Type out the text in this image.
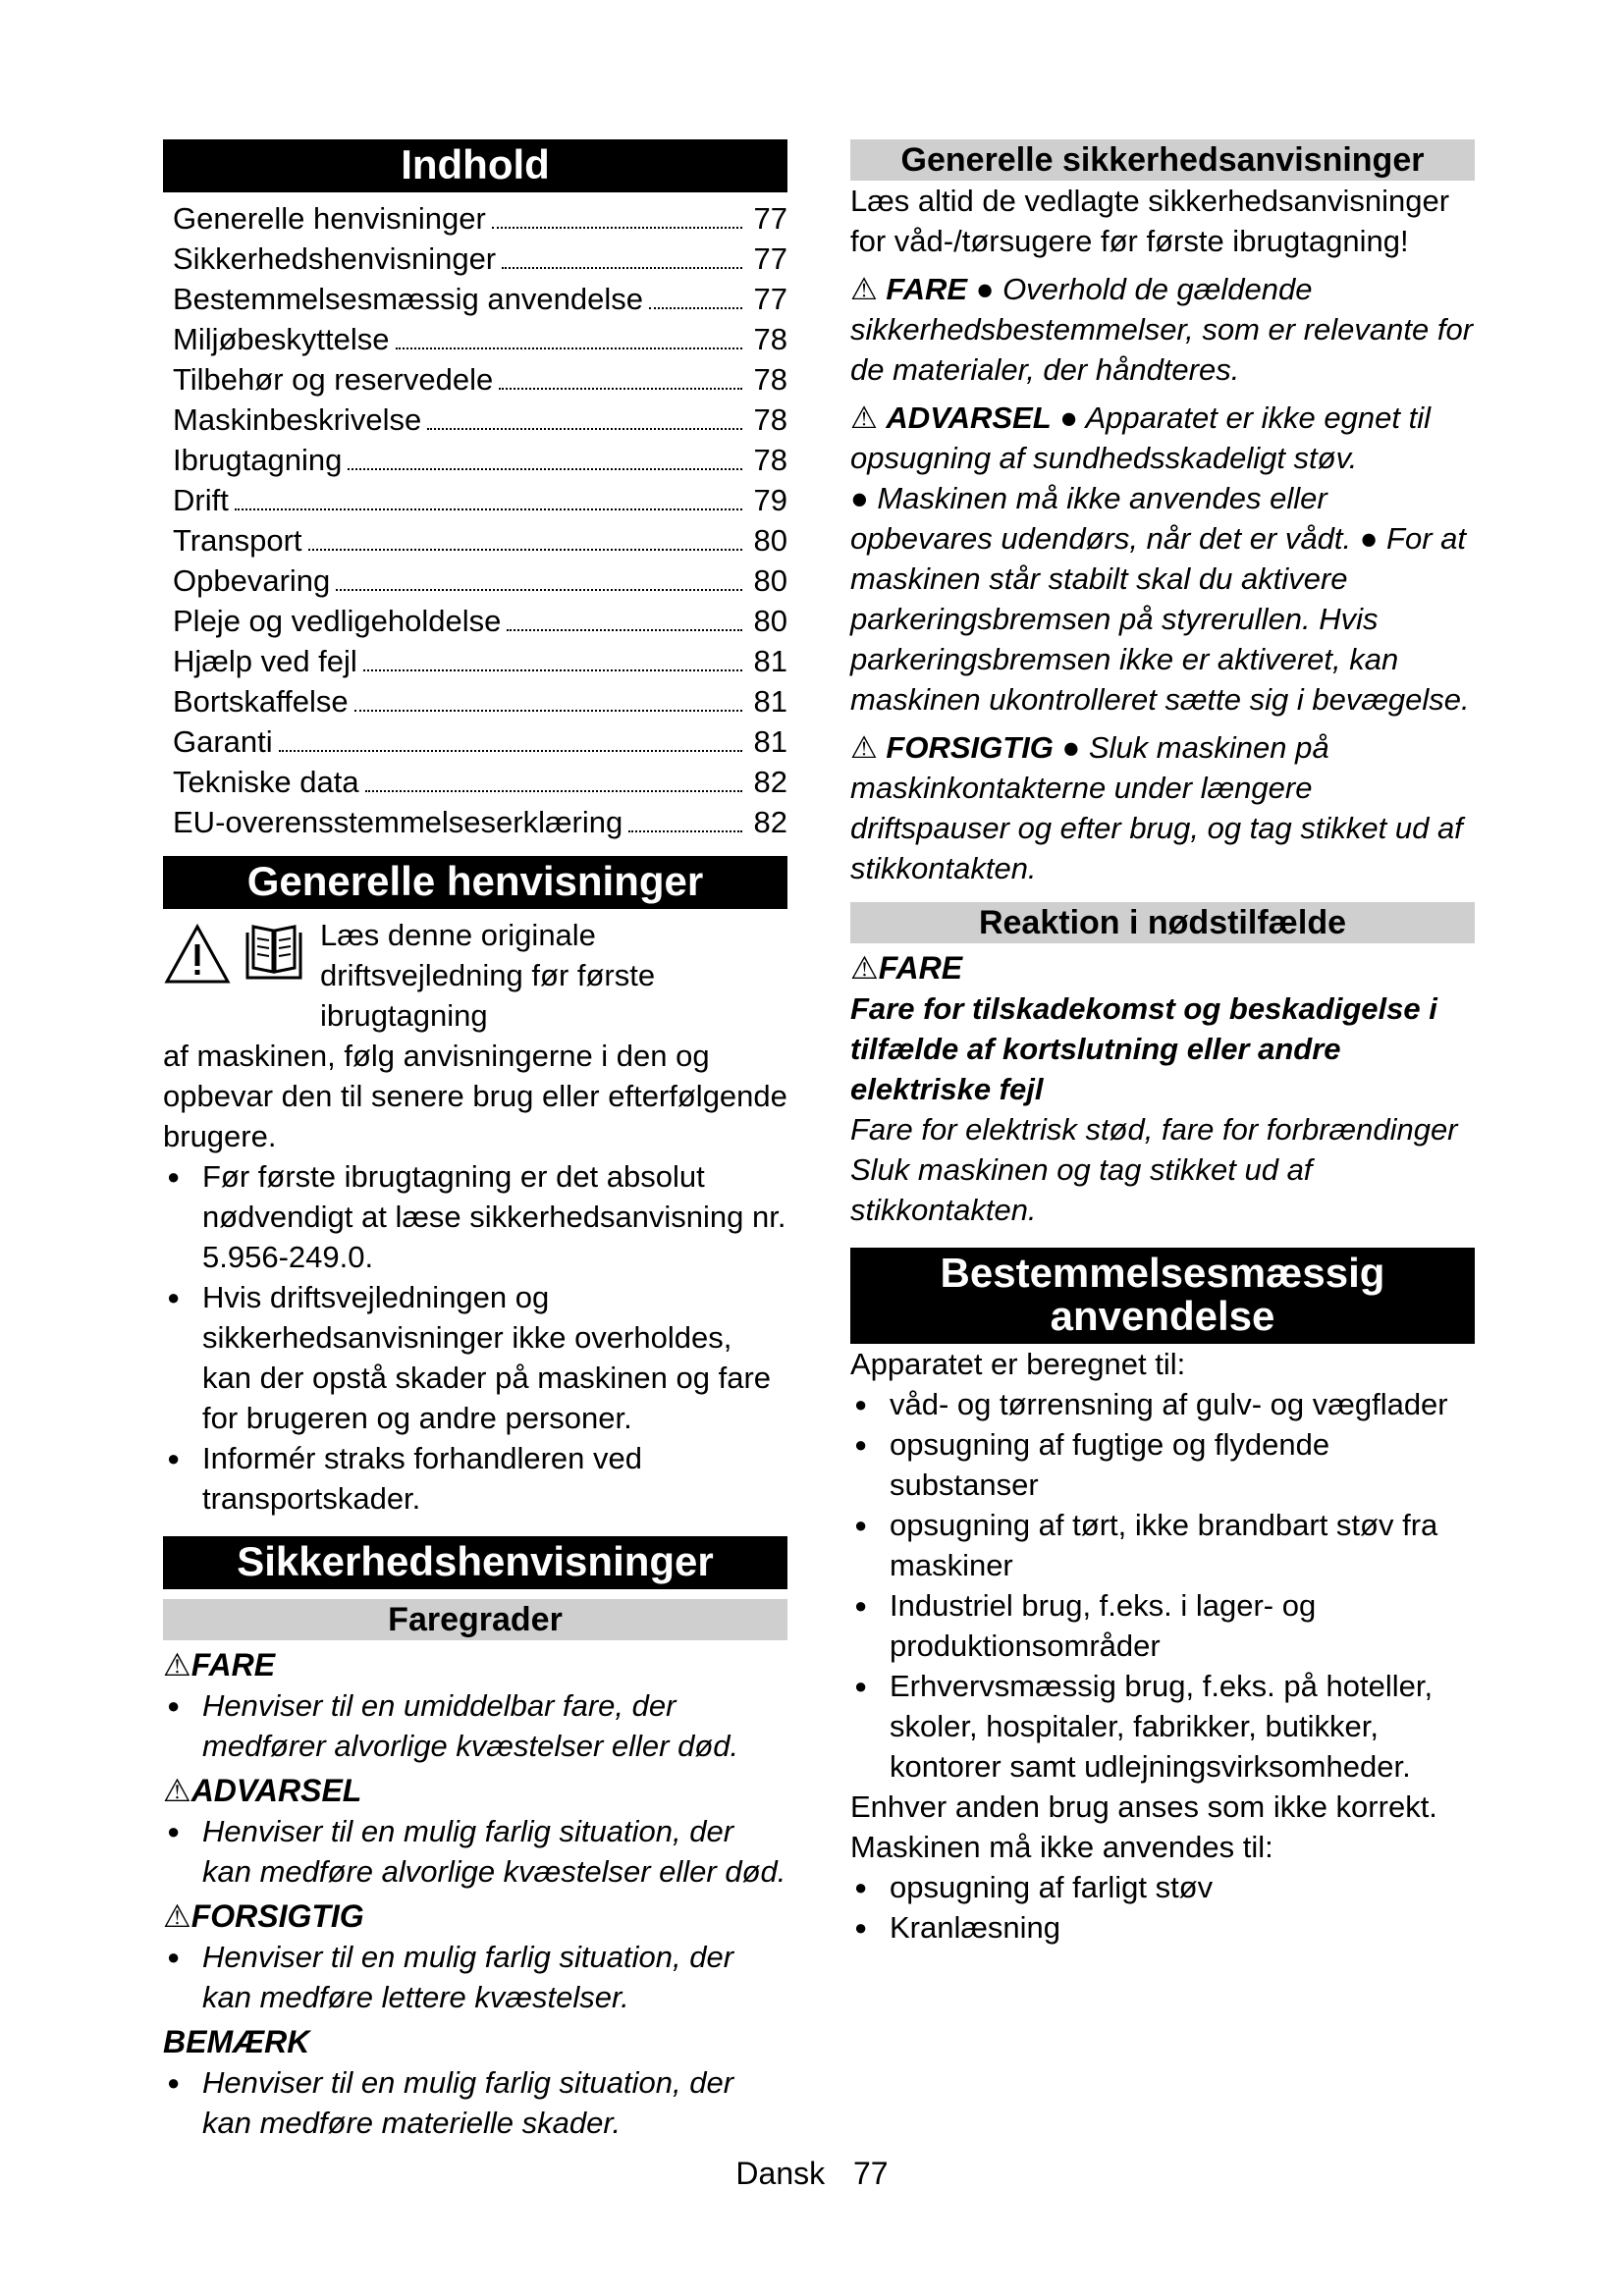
Indhold
Generelle henvisninger	77
Sikkerhedshenvisninger	77
Bestemmelsesmæssig anvendelse	77
Miljøbeskyttelse	78
Tilbehør og reservedele	78
Maskinbeskrivelse	78
Ibrugtagning	78
Drift	79
Transport	80
Opbevaring	80
Pleje og vedligeholdelse	80
Hjælp ved fejl	81
Bortskaffelse	81
Garanti	81
Tekniske data	82
EU-overensstemmelseserklæring	82
Generelle henvisninger

Læs denne originale driftsvejledning før første ibrugtagning

af maskinen, følg anvisningerne i den og opbevar den til senere brug eller efterfølgende brugere.

● Før første ibrugtagning er det absolut nødvendigt at læse sikkerhedsanvisning nr. 5.956-249.0.
● Hvis driftsvejledningen og sikkerhedsanvisninger ikke overholdes, kan der opstå skader på maskinen og fare for brugeren og andre personer.
● Informér straks forhandleren ved transportskader.
Sikkerhedshenvisninger
Faregrader
⚠FARE
● Henviser til en umiddelbar fare, der medfører alvorlige kvæstelser eller død.
⚠ADVARSEL
● Henviser til en mulig farlig situation, der kan medføre alvorlige kvæstelser eller død.
⚠FORSIGTIG
● Henviser til en mulig farlig situation, der kan medføre lettere kvæstelser.
BEMÆRK
● Henviser til en mulig farlig situation, der kan medføre materielle skader.
Generelle sikkerhedsanvisninger

Læs altid de vedlagte sikkerhedsanvisninger for våd-/tørsugere før første ibrugtagning!

⚠ FARE ● Overhold de gældende sikkerhedsbestemmelser, som er relevante for de materialer, der håndteres.

⚠ ADVARSEL ● Apparatet er ikke egnet til opsugning af sundhedsskadeligt støv.
● Maskinen må ikke anvendes eller opbevares udendørs, når det er vådt. ● For at maskinen står stabilt skal du aktivere parkeringsbremsen på styrerullen. Hvis parkeringsbremsen ikke er aktiveret, kan maskinen ukontrolleret sætte sig i bevægelse.

⚠ FORSIGTIG ● Sluk maskinen på maskinkontakterne under længere driftspauser og efter brug, og tag stikket ud af stikkontakten.

Reaktion i nødstilfælde
⚠FARE

Fare for tilskadekomst og beskadigelse i tilfælde af kortslutning eller andre elektriske fejl

Fare for elektrisk stød, fare for forbrændinger

Sluk maskinen og tag stikket ud af stikkontakten.

Bestemmelsesmæssig anvendelse

Apparatet er beregnet til:

● våd- og tørrensning af gulv- og vægflader
● opsugning af fugtige og flydende substanser
● opsugning af tørt, ikke brandbart støv fra maskiner
● Industriel brug, f.eks. i lager- og produktionsområder
● Erhvervsmæssig brug, f.eks. på hoteller, skoler, hospitaler, fabrikker, butikker, kontorer samt udlejningsvirksomheder.

Enhver anden brug anses som ikke korrekt.

Maskinen må ikke anvendes til:

● opsugning af farligt støv
● Kranlæsning
Dansk 77
